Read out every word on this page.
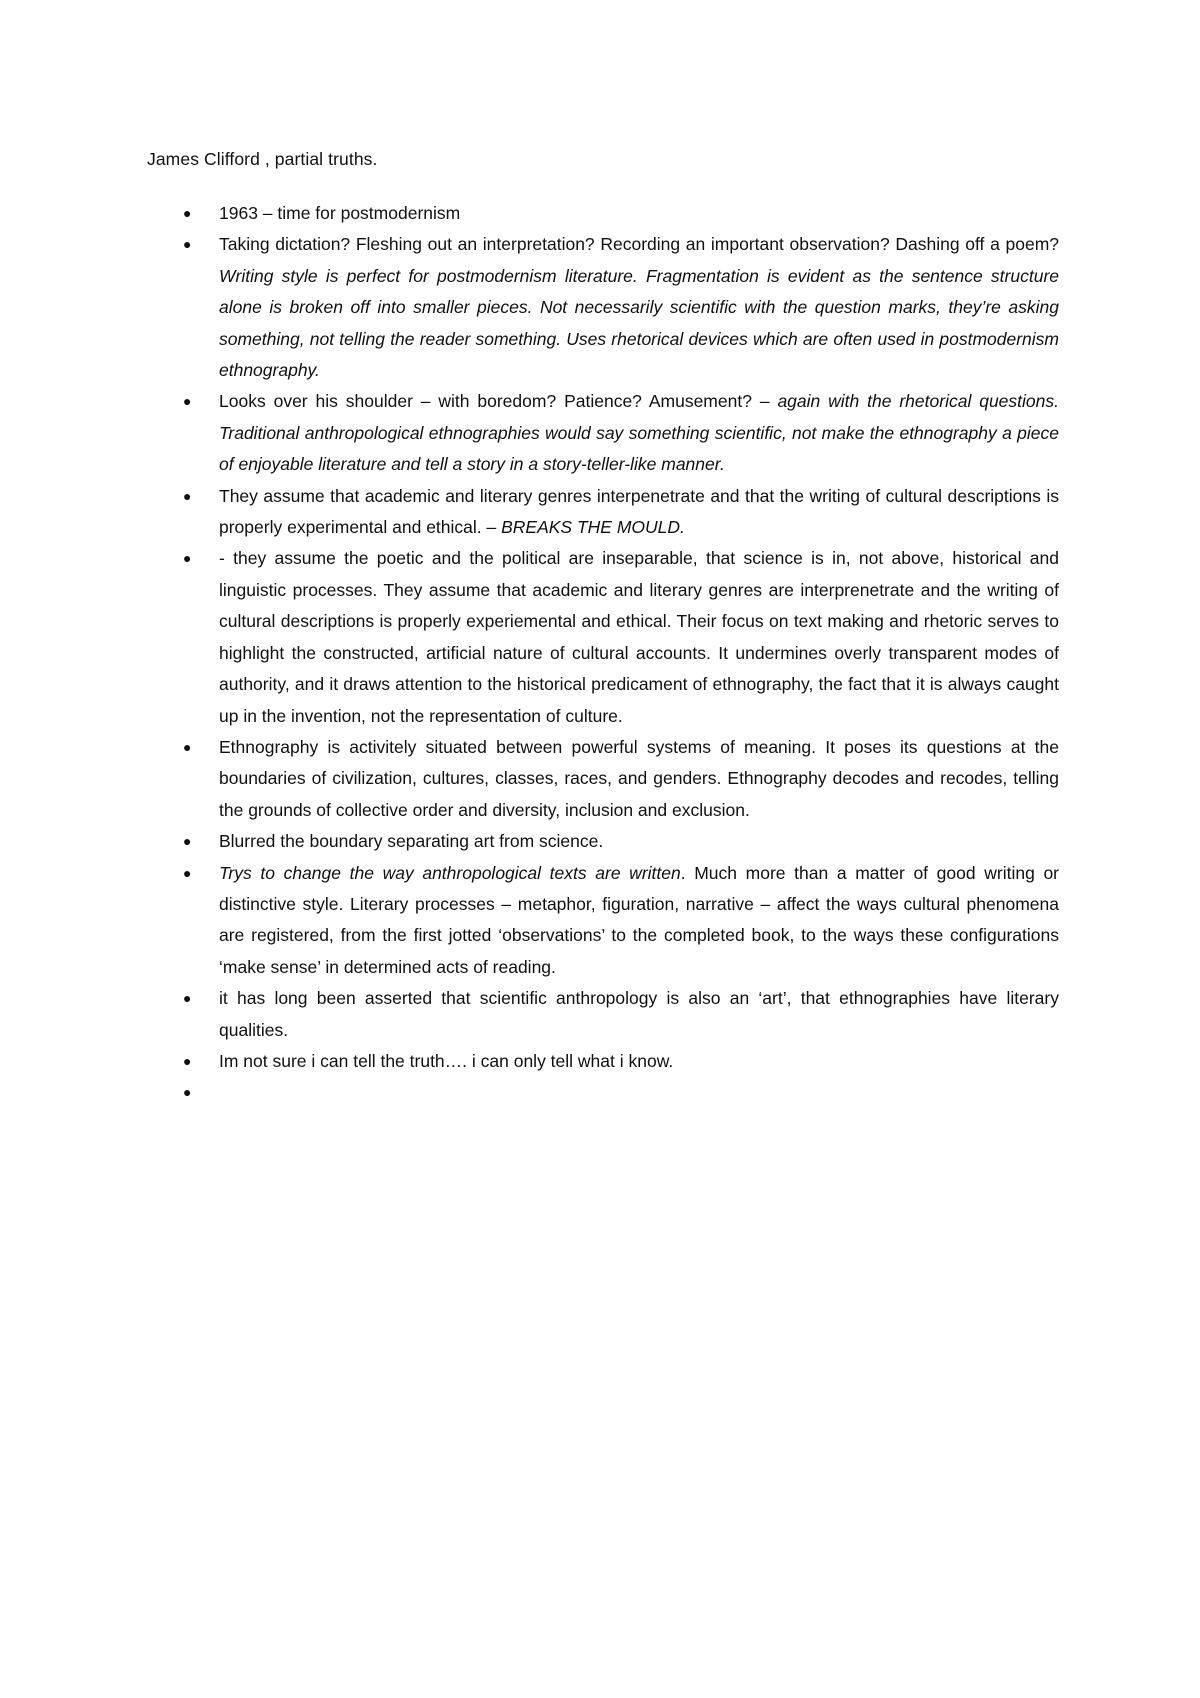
James Clifford , partial truths.

● 1963 – time for postmodernism
● Taking dictation? Fleshing out an interpretation? Recording an important observation? Dashing off a poem? Writing style is perfect for postmodernism literature. Fragmentation is evident as the sentence structure alone is broken off into smaller pieces. Not necessarily scientific with the question marks, they’re asking something, not telling the reader something. Uses rhetorical devices which are often used in postmodernism ethnography.
● Looks over his shoulder – with boredom? Patience? Amusement? – again with the rhetorical questions. Traditional anthropological ethnographies would say something scientific, not make the ethnography a piece of enjoyable literature and tell a story in a story-teller-like manner.
● They assume that academic and literary genres interpenetrate and that the writing of cultural descriptions is properly experimental and ethical. – BREAKS THE MOULD.
● - they assume the poetic and the political are inseparable, that science is in, not above, historical and linguistic processes. They assume that academic and literary genres are interprenetrate and the writing of cultural descriptions is properly experiemental and ethical. Their focus on text making and rhetoric serves to highlight the constructed, artificial nature of cultural accounts. It undermines overly transparent modes of authority, and it draws attention to the historical predicament of ethnography, the fact that it is always caught up in the invention, not the representation of culture.
● Ethnography is activitely situated between powerful systems of meaning. It poses its questions at the boundaries of civilization, cultures, classes, races, and genders. Ethnography decodes and recodes, telling the grounds of collective order and diversity, inclusion and exclusion.
● Blurred the boundary separating art from science.
● Trys to change the way anthropological texts are written. Much more than a matter of good writing or distinctive style. Literary processes – metaphor, figuration, narrative – affect the ways cultural phenomena are registered, from the first jotted ‘observations’ to the completed book, to the ways these configurations ‘make sense’ in determined acts of reading.
● it has long been asserted that scientific anthropology is also an ‘art’, that ethnographies have literary qualities.
● Im not sure i can tell the truth…. i can only tell what i know.
●
